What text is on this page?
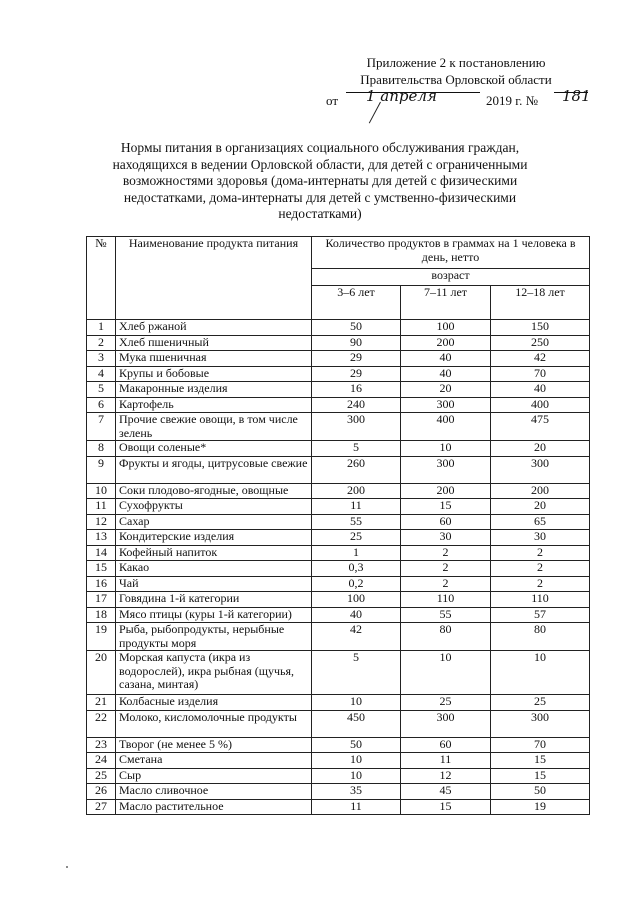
Приложение 2 к постановлению
Правительства Орловской области
от 1 апреля	2019 г. № 181
Нормы питания в организациях социального обслуживания граждан,
находящихся в ведении Орловской области, для детей с ограниченными
возможностями здоровья (дома-интернаты для детей с физическими
недостатками, дома-интернаты для детей с умственно-физическими
недостатками)
№	Наименование продукта питания	Количество продуктов в граммах на 1 человека в день, нетто		
		возраст		
		3–6 лет	7–11 лет	12–18 лет
1	Хлеб ржаной	50	100	150
2	Хлеб пшеничный	90	200	250
3	Мука пшеничная	29	40	42
4	Крупы и бобовые	29	40	70
5	Макаронные изделия	16	20	40
6	Картофель	240	300	400
7	Прочие свежие овощи, в том числе зелень	300	400	475
8	Овощи соленые*	5	10	20
9	Фрукты и ягоды, цитрусовые свежие	260	300	300
10	Соки плодово-ягодные, овощные	200	200	200
11	Сухофрукты	11	15	20
12	Сахар	55	60	65
13	Кондитерские изделия	25	30	30
14	Кофейный напиток	1	2	2
15	Какао	0,3	2	2
16	Чай	0,2	2	2
17	Говядина 1-й категории	100	110	110
18	Мясо птицы (куры 1-й категории)	40	55	57
19	Рыба, рыбопродукты, нерыбные продукты моря	42	80	80
20	Морская капуста (икра из водорослей), икра рыбная (щучья, сазана, минтая)	5	10	10
21	Колбасные изделия	10	25	25
22	Молоко, кисломолочные продукты	450	300	300
23	Творог (не менее 5 %)	50	60	70
24	Сметана	10	11	15
25	Сыр	10	12	15
26	Масло сливочное	35	45	50
27	Масло растительное	11	15	19
